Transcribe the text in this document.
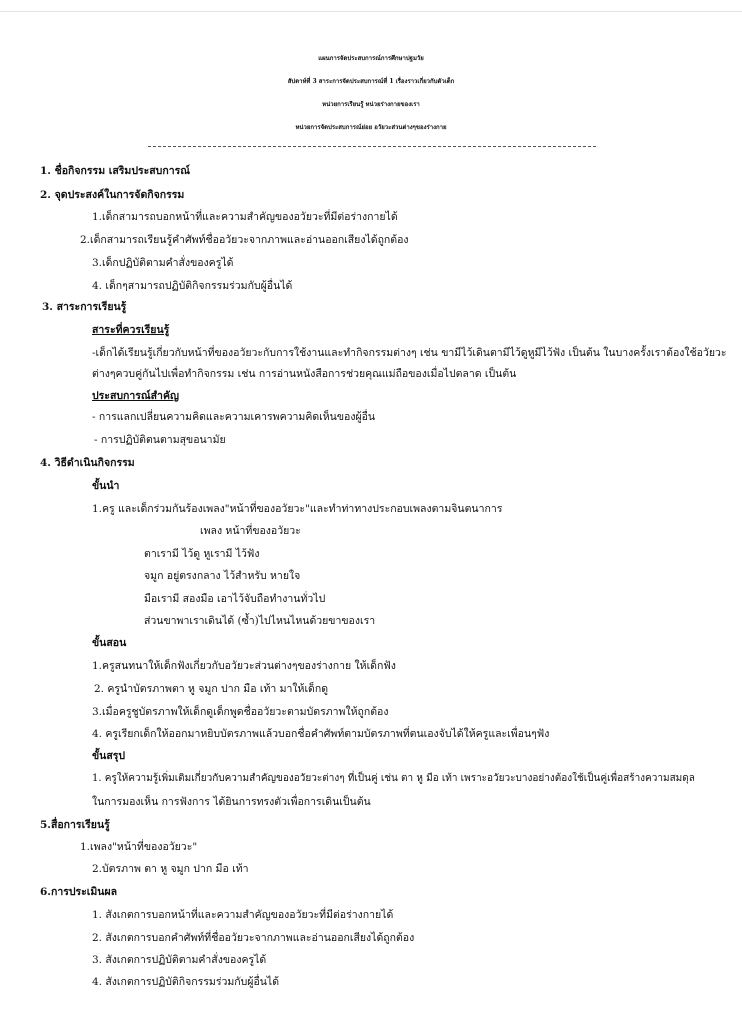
แผนการจัดประสบการณ์การศึกษาปฐมวัย
สัปดาห์ที่ 3 สาระการจัดประสบการณ์ที่ 1 เรื่องราวเกี่ยวกับตัวเด็ก
หน่วยการเรียนรู้ หน่วยร่างกายของเรา
หน่วยการจัดประสบการณ์ย่อย อวัยวะส่วนต่างๆของร่างกาย
1. ชื่อกิจกรรม เสริมประสบการณ์
2. จุดประสงค์ในการจัดกิจกรรม
1.เด็กสามารถบอกหน้าที่และความสำคัญของอวัยวะที่มีต่อร่างกายได้
2.เด็กสามารถเรียนรู้คำศัพท์ชื่ออวัยวะจากภาพและอ่านออกเสียงได้ถูกต้อง
3.เด็กปฏิบัติตามคำสั่งของครูได้
4. เด็กๆสามารถปฏิบัติกิจกรรมร่วมกับผู้อื่นได้
3. สาระการเรียนรู้
สาระที่ควรเรียนรู้
-เด็กได้เรียนรู้เกี่ยวกับหน้าที่ของอวัยวะกับการใช้งานและทำกิจกรรมต่างๆ เช่น ขามีไว้เดินตามีไว้ดูหูมีไว้ฟัง เป็นต้น ในบางครั้งเราต้องใช้อวัยวะ
ต่างๆควบคู่กันไปเพื่อทำกิจกรรม เช่น การอ่านหนังสือการช่วยคุณแม่ถือของเมื่อไปตลาด เป็นต้น
ประสบการณ์สำคัญ
- การแลกเปลี่ยนความคิดและความเคารพความคิดเห็นของผู้อื่น
- การปฏิบัติตนตามสุขอนามัย
4. วิธีดำเนินกิจกรรม
ขั้นนำ
1.ครู และเด็กร่วมกันร้องเพลง"หน้าที่ของอวัยวะ"และทำท่าทางประกอบเพลงตามจินตนาการ
เพลง หน้าที่ของอวัยวะ
ตาเรามี ไว้ดู หูเรามี ไว้ฟัง
จมูก อยู่ตรงกลาง ไว้สำหรับ หายใจ
มือเรามี สองมือ เอาไว้จับถือทำงานทั่วไป
ส่วนขาพาเราเดินได้ (ซ้ำ)ไปไหนไหนด้วยขาของเรา
ขั้นสอน
1.ครูสนทนาให้เด็กฟังเกี่ยวกับอวัยวะส่วนต่างๆของร่างกาย ให้เด็กฟัง
2. ครูนำบัตรภาพตา หู จมูก ปาก มือ เท้า มาให้เด็กดู
3.เมื่อครูชูบัตรภาพให้เด็กดูเด็กพูดชื่ออวัยวะตามบัตรภาพให้ถูกต้อง
4. ครูเรียกเด็กให้ออกมาหยิบบัตรภาพแล้วบอกชื่อคำศัพท์ตามบัตรภาพที่ตนเองจับได้ให้ครูและเพื่อนๆฟัง
ขั้นสรุป
1. ครูให้ความรู้เพิ่มเติมเกี่ยวกับความสำคัญของอวัยวะต่างๆ ที่เป็นคู่ เช่น ตา หู มือ เท้า เพราะอวัยวะบางอย่างต้องใช้เป็นคู่เพื่อสร้างความสมดุล
ในการมองเห็น การฟังการ ได้ยินการทรงตัวเพื่อการเดินเป็นต้น
5.สื่อการเรียนรู้
1.เพลง"หน้าที่ของอวัยวะ"
2.บัตรภาพ ตา หู จมูก ปาก มือ เท้า
6.การประเมินผล
1. สังเกตการบอกหน้าที่และความสำคัญของอวัยวะที่มีต่อร่างกายได้
2. สังเกตการบอกคำศัพท์ที่ชื่ออวัยวะจากภาพและอ่านออกเสียงได้ถูกต้อง
3. สังเกตการปฏิบัติตามคำสั่งของครูได้
4. สังเกตการปฏิบัติกิจกรรมร่วมกับผู้อื่นได้
